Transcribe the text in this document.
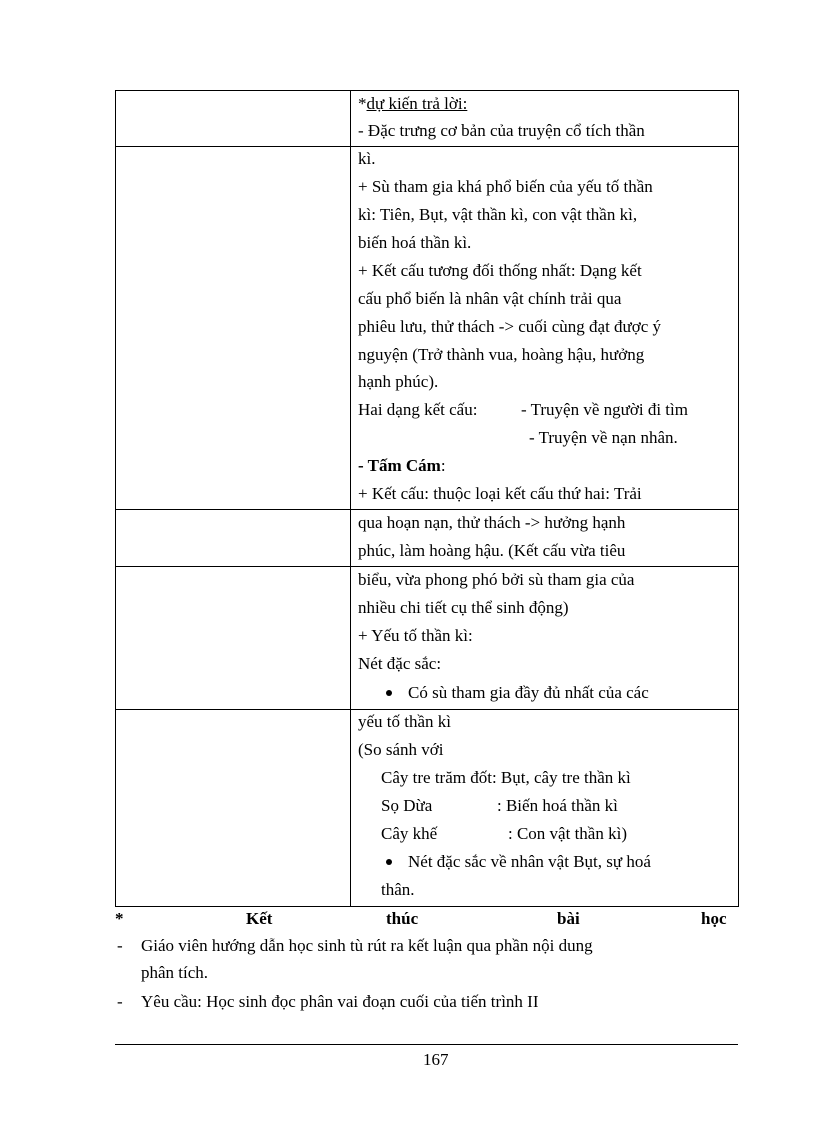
*dự kiến trả lời:
- Đặc trưng cơ bản của truyện cổ tích thần
kì.
+ Sù tham gia khá phổ biến của yếu tố thần
kì: Tiên, Bụt, vật thần kì, con vật thần kì,
biến hoá thần kì.
+ Kết cấu tương đối thống nhất: Dạng kết
cấu phổ biến là nhân vật chính trải qua
phiêu lưu, thử thách -> cuối cùng đạt được ý
nguyện (Trở thành vua, hoàng hậu, hưởng
hạnh phúc).
Hai dạng kết cấu:	- Truyện về người đi tìm
- Truyện về nạn nhân.
- Tấm Cám:
+ Kết cấu: thuộc loại kết cấu thứ hai: Trải
qua hoạn nạn, thử thách -> hưởng hạnh
phúc, làm hoàng hậu. (Kết cấu vừa tiêu
biểu, vừa phong phó bởi sù tham gia của
nhiều chi tiết cụ thể sinh động)
+ Yếu tố thần kì:
Nét đặc sắc:
Có sù tham gia đầy đủ nhất của các
yếu tố thần kì
(So sánh với
Cây tre trăm đốt: Bụt, cây tre thần kì
Sọ Dừa	: Biến hoá thần kì
Cây khế	: Con vật thần kì)
Nét đặc sắc về nhân vật Bụt, sự hoá
thân.
*	Kết	thúc	bài	học
- Giáo viên hướng dẫn học sinh tù rút ra kết luận qua phần nội dung
phân tích.
- Yêu cầu: Học sinh đọc phân vai đoạn cuối của tiến trình II
167
